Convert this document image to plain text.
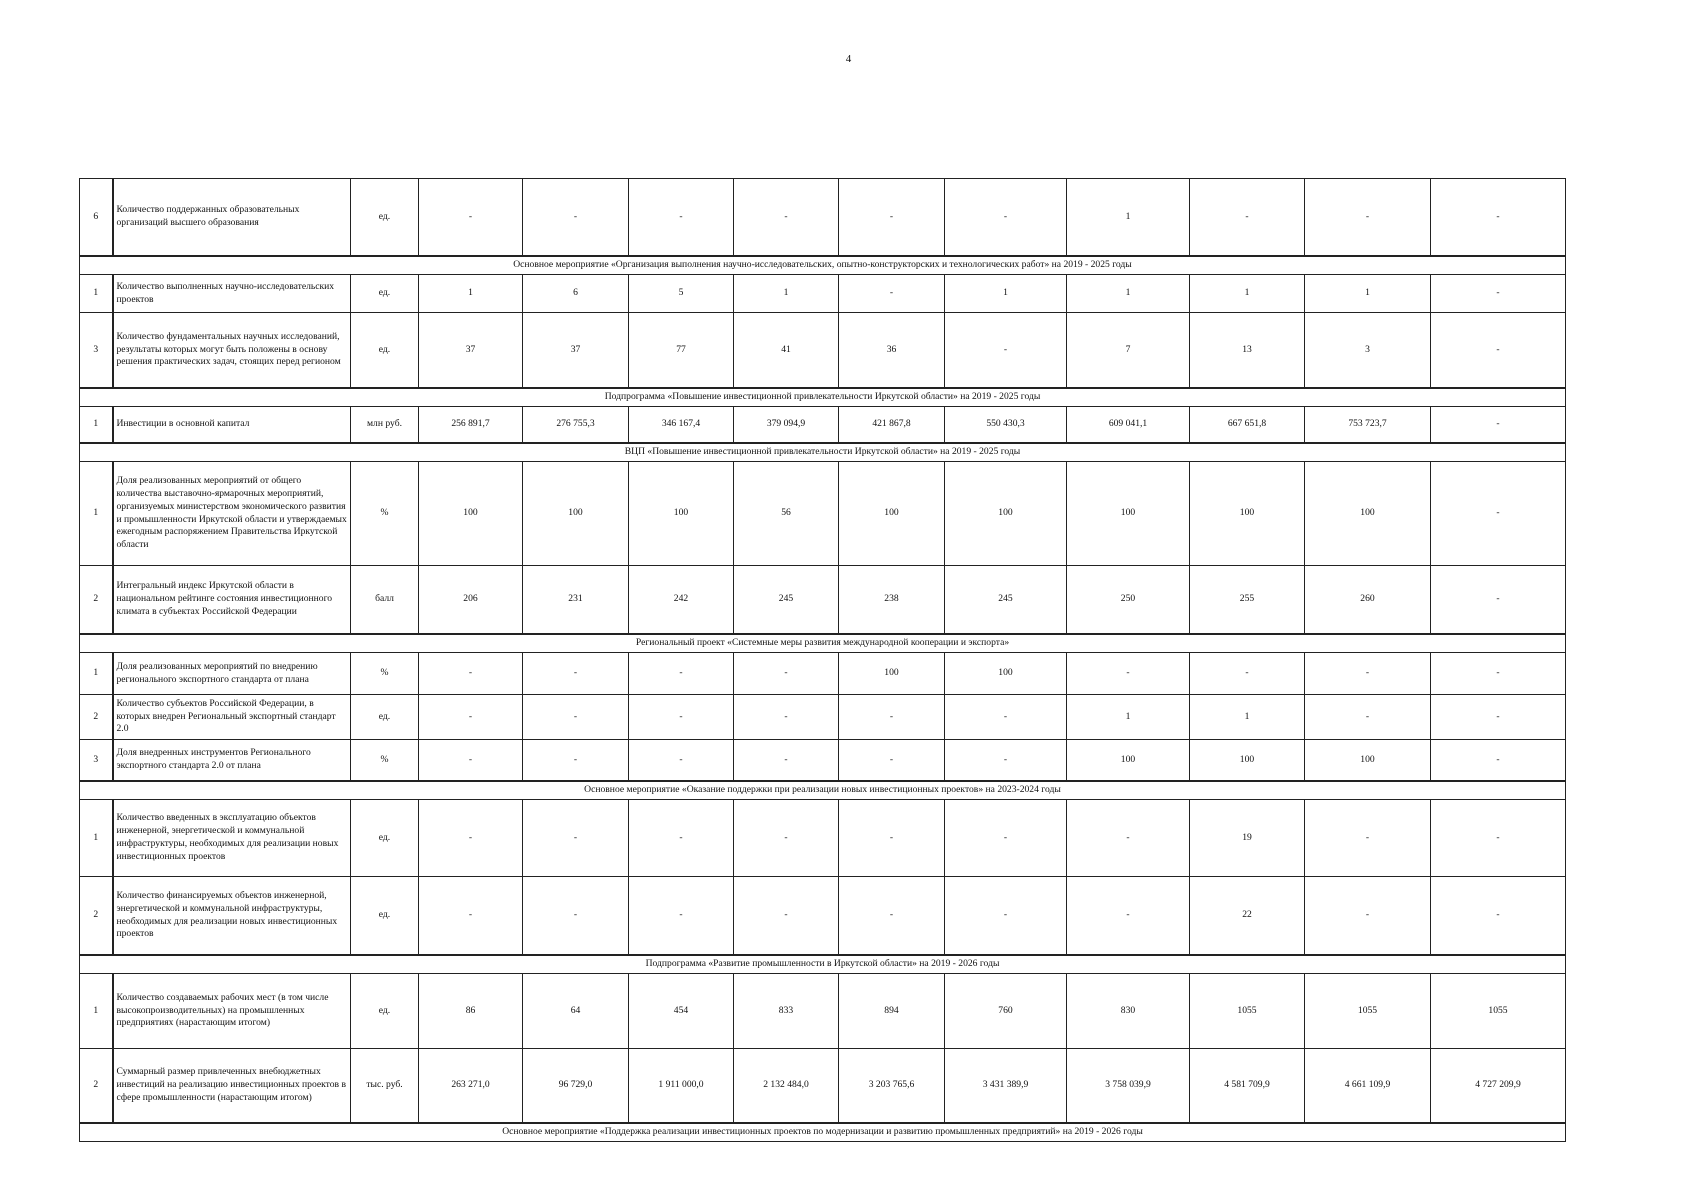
4
6	Количество поддержанных образовательных организаций высшего образования	ед.	-	-	-	-	-	-	1	-	-	-
Основное мероприятие «Организация выполнения научно-исследовательских, опытно-конструкторских и технологических работ» на 2019 - 2025 годы												
1	Количество выполненных научно-исследовательских проектов	ед.	1	6	5	1	-	1	1	1	1	-
3	Количество фундаментальных научных исследований, результаты которых могут быть положены в основу решения практических задач, стоящих перед регионом	ед.	37	37	77	41	36	-	7	13	3	-
Подпрограмма «Повышение инвестиционной привлекательности Иркутской области» на 2019 - 2025 годы												
1	Инвестиции в основной капитал	млн руб.	256 891,7	276 755,3	346 167,4	379 094,9	421 867,8	550 430,3	609 041,1	667 651,8	753 723,7	-
ВЦП «Повышение инвестиционной привлекательности Иркутской области» на 2019 - 2025 годы												
1	Доля реализованных мероприятий от общего количества выставочно-ярмарочных мероприятий, организуемых министерством экономического развития и промышленности Иркутской области и утверждаемых ежегодным распоряжением Правительства Иркутской области	%	100	100	100	56	100	100	100	100	100	-
2	Интегральный индекс Иркутской области в национальном рейтинге состояния инвестиционного климата в субъектах Российской Федерации	балл	206	231	242	245	238	245	250	255	260	-
Региональный проект «Системные меры развития международной кооперации и экспорта»												
1	Доля реализованных мероприятий по внедрению регионального экспортного стандарта от плана	%	-	-	-	-	100	100	-	-	-	-
2	Количество субъектов Российской Федерации, в которых внедрен Региональный экспортный стандарт 2.0	ед.	-	-	-	-	-	-	1	1	-	-
3	Доля внедренных инструментов Регионального экспортного стандарта 2.0 от плана	%	-	-	-	-	-	-	100	100	100	-
Основное мероприятие «Оказание поддержки при реализации новых инвестиционных проектов» на 2023-2024 годы												
1	Количество введенных в эксплуатацию объектов инженерной, энергетической и коммунальной инфраструктуры, необходимых для реализации новых инвестиционных проектов	ед.	-	-	-	-	-	-	-	19	-	-
2	Количество финансируемых объектов инженерной, энергетической и коммунальной инфраструктуры, необходимых для реализации новых инвестиционных проектов	ед.	-	-	-	-	-	-	-	22	-	-
Подпрограмма «Развитие промышленности в Иркутской области» на 2019 - 2026 годы												
1	Количество создаваемых рабочих мест (в том числе высокопроизводительных) на промышленных предприятиях (нарастающим итогом)	ед.	86	64	454	833	894	760	830	1055	1055	1055
2	Суммарный размер привлеченных внебюджетных инвестиций на реализацию инвестиционных проектов в сфере промышленности (нарастающим итогом)	тыс. руб.	263 271,0	96 729,0	1 911 000,0	2 132 484,0	3 203 765,6	3 431 389,9	3 758 039,9	4 581 709,9	4 661 109,9	4 727 209,9
Основное мероприятие «Поддержка реализации инвестиционных проектов по модернизации и развитию промышленных предприятий» на 2019 - 2026 годы												
